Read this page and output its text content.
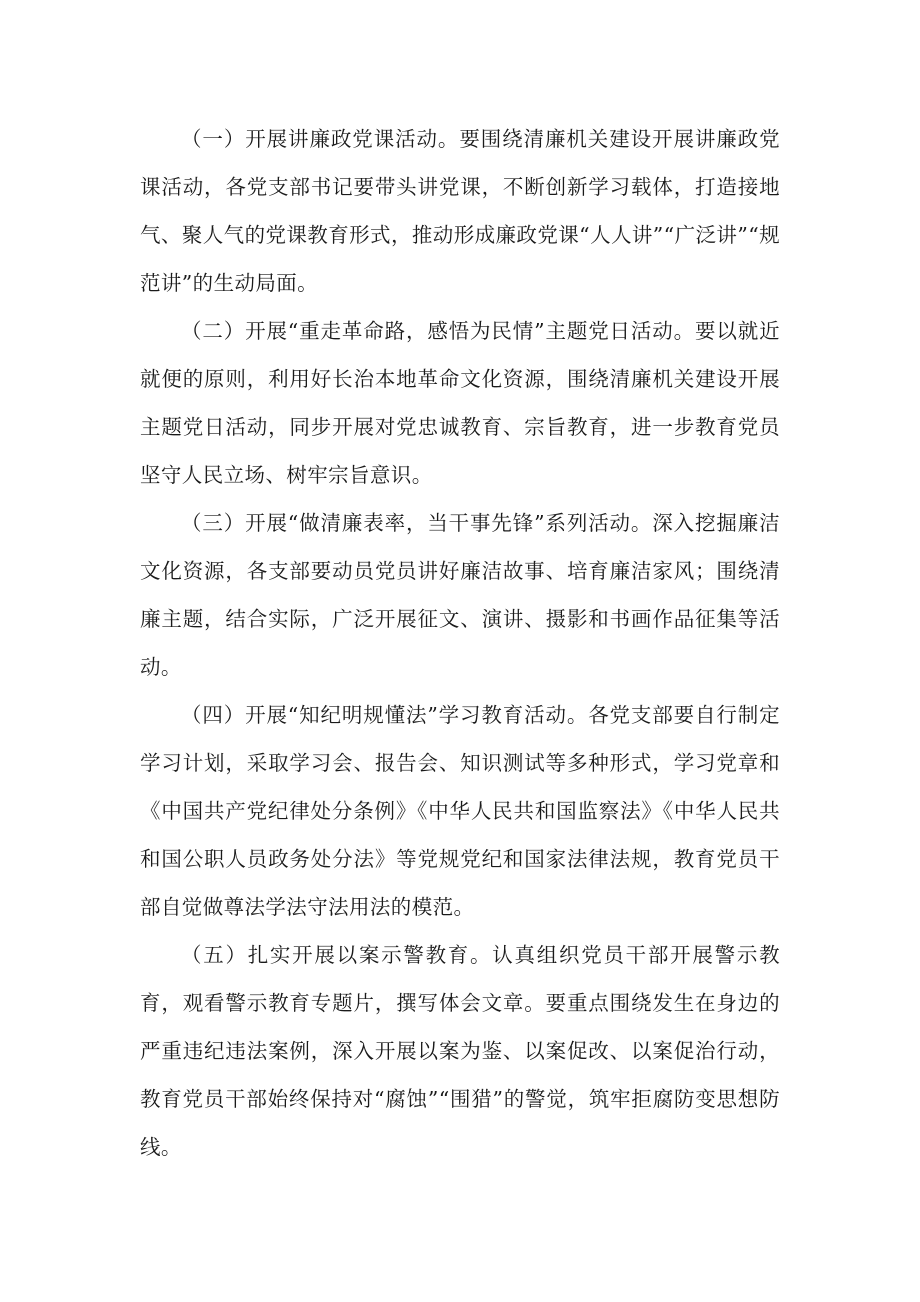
（一）开展讲廉政党课活动。要围绕清廉机关建设开展讲廉政党课活动，各党支部书记要带头讲党课，不断创新学习载体，打造接地气、聚人气的党课教育形式，推动形成廉政党课“人人讲”“广泛讲”“规范讲”的生动局面。

（二）开展“重走革命路，感悟为民情”主题党日活动。要以就近就便的原则，利用好长治本地革命文化资源，围绕清廉机关建设开展主题党日活动，同步开展对党忠诚教育、宗旨教育，进一步教育党员坚守人民立场、树牢宗旨意识。

（三）开展“做清廉表率，当干事先锋”系列活动。深入挖掘廉洁文化资源，各支部要动员党员讲好廉洁故事、培育廉洁家风；围绕清廉主题，结合实际，广泛开展征文、演讲、摄影和书画作品征集等活动。

（四）开展“知纪明规懂法”学习教育活动。各党支部要自行制定学习计划，采取学习会、报告会、知识测试等多种形式，学习党章和《中国共产党纪律处分条例》《中华人民共和国监察法》《中华人民共和国公职人员政务处分法》等党规党纪和国家法律法规，教育党员干部自觉做尊法学法守法用法的模范。

（五）扎实开展以案示警教育。认真组织党员干部开展警示教育，观看警示教育专题片，撰写体会文章。要重点围绕发生在身边的严重违纪违法案例，深入开展以案为鉴、以案促改、以案促治行动，教育党员干部始终保持对“腐蚀”“围猎”的警觉，筑牢拒腐防变思想防线。
